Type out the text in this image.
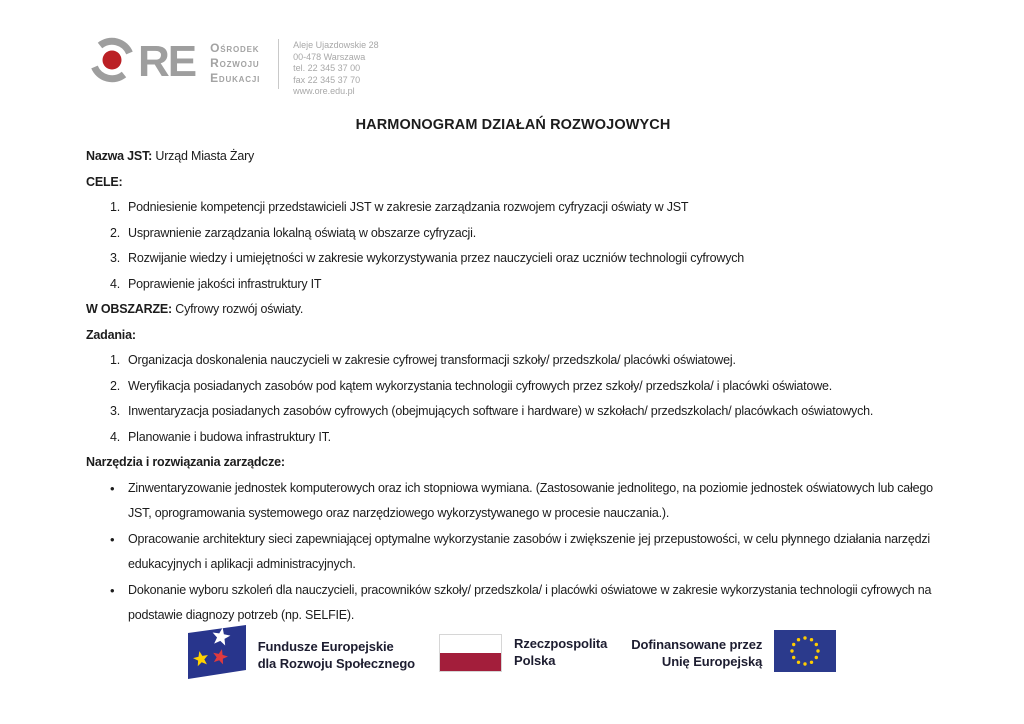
RE Ośrodek
Rozwoju
Edukacji
Aleje Ujazdowskie 28
00-478 Warszawa
tel. 22 345 37 00
fax 22 345 37 70
www.ore.edu.pl
HARMONOGRAM DZIAŁAŃ ROZWOJOWYCH

Nazwa JST: Urząd Miasta Żary

CELE:

1. Podniesienie kompetencji przedstawicieli JST w zakresie zarządzania rozwojem cyfryzacji oświaty w JST
2. Usprawnienie zarządzania lokalną oświatą w obszarze cyfryzacji.
3. Rozwijanie wiedzy i umiejętności w zakresie wykorzystywania przez nauczycieli oraz uczniów technologii cyfrowych
4. Poprawienie jakości infrastruktury IT

W OBSZARZE: Cyfrowy rozwój oświaty.

Zadania:

1. Organizacja doskonalenia nauczycieli w zakresie cyfrowej transformacji szkoły/ przedszkola/ placówki oświatowej.
2. Weryfikacja posiadanych zasobów pod kątem wykorzystania technologii cyfrowych przez szkoły/ przedszkola/ i placówki oświatowe.
3. Inwentaryzacja posiadanych zasobów cyfrowych (obejmujących software i hardware) w szkołach/ przedszkolach/ placówkach oświatowych.
4. Planowanie i budowa infrastruktury IT.

Narzędzia i rozwiązania zarządcze:

• Zinwentaryzowanie jednostek komputerowych oraz ich stopniowa wymiana. (Zastosowanie jednolitego, na poziomie jednostek oświatowych lub całego JST, oprogramowania systemowego oraz narzędziowego wykorzystywanego w procesie nauczania.).
• Opracowanie architektury sieci zapewniającej optymalne wykorzystanie zasobów i zwiększenie jej przepustowości, w celu płynnego działania narzędzi edukacyjnych i aplikacji administracyjnych.
• Dokonanie wyboru szkoleń dla nauczycieli, pracowników szkoły/ przedszkola/ i placówki oświatowe w zakresie wykorzystania technologii cyfrowych na podstawie diagnozy potrzeb (np. SELFIE).
Fundusze Europejskie
dla Rozwoju Społecznego
Rzeczpospolita
Polska
Dofinansowane przez
Unię Europejską
